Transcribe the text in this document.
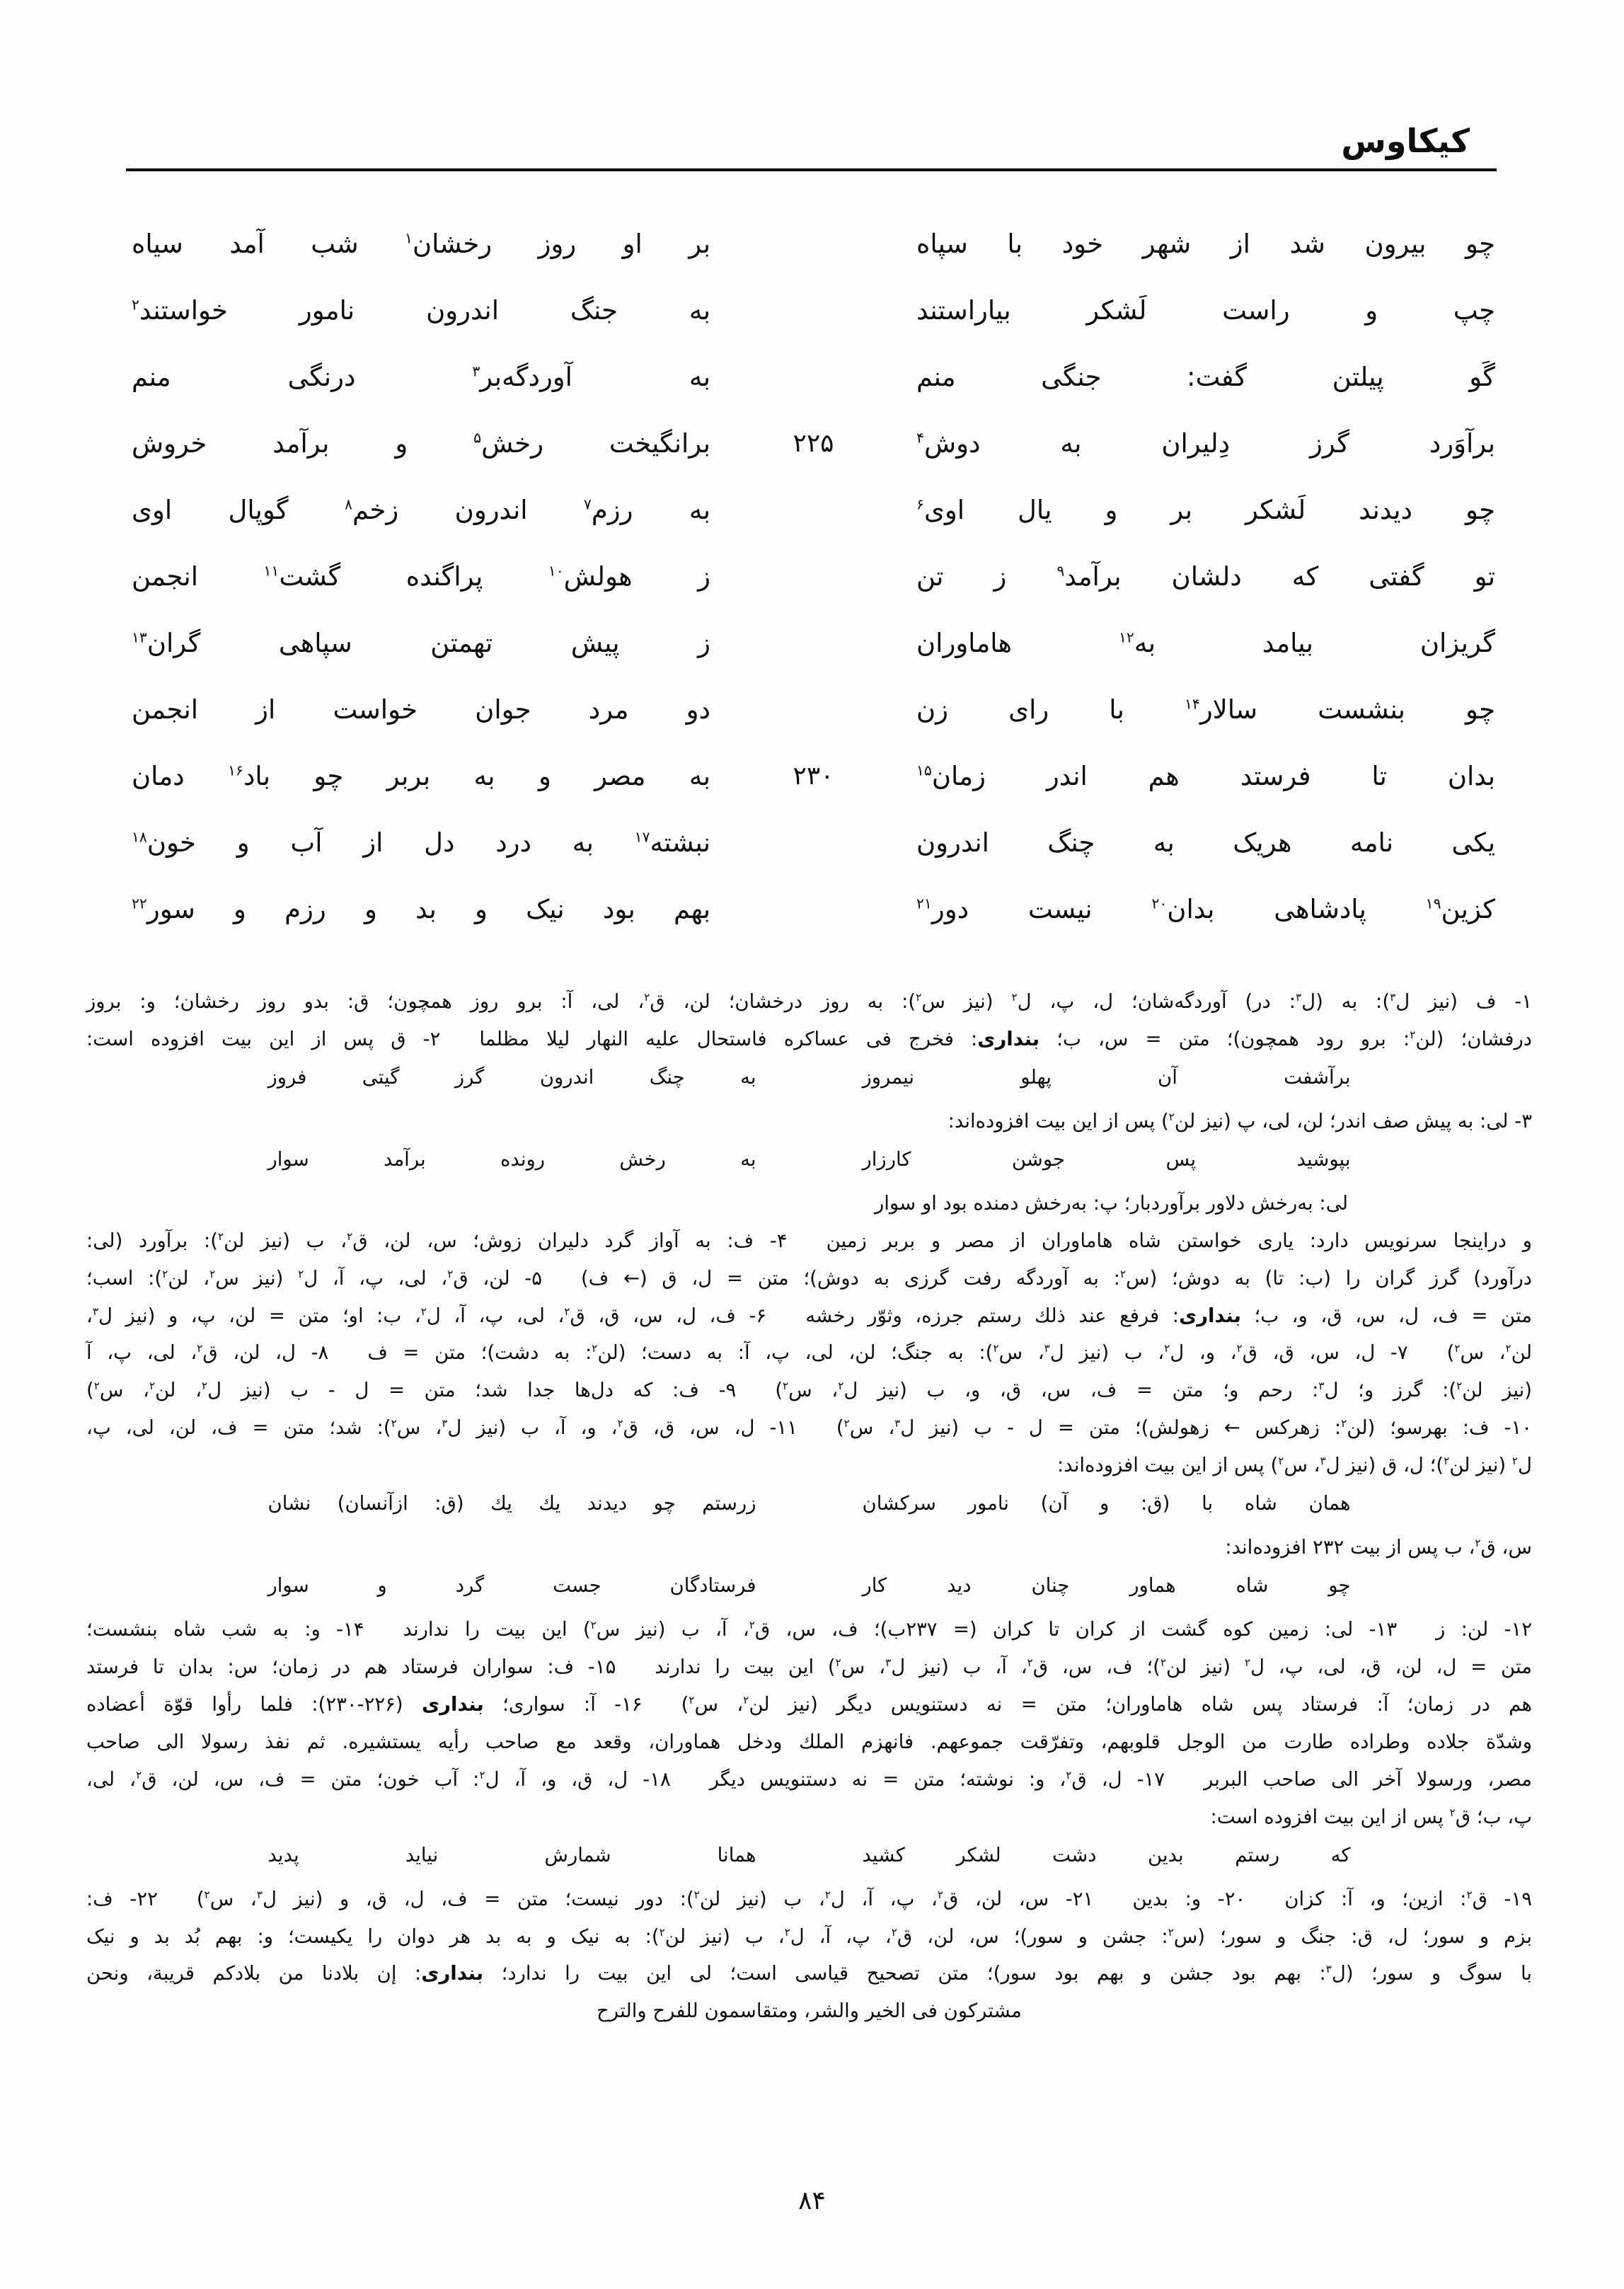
کیکاوس
چو بیرون شد از شهر خود با سپاه
بر او روز رخشان$^۱$ شب آمد سیاه
چپ و راست لَشکر بیاراستند
به جنگ اندرون نامور خواستند$^۲$
گَو پیلتن گفت: جنگی منم
به آوردگه‌بر$^۳$ درنگی منم
برآوَرد گرز دِلیران به دوش$^۴$
۲۲۵
برانگیخت رخش$^۵$ و برآمد خروش
چو دیدند لَشکر بر و یال اوی$^۶$
به رزم$^۷$ اندرون زخم$^۸$ گوپال اوی
تو گفتی که دلشان برآمد$^۹$ ز تن
ز هولش$^{۱۰}$ پراگنده گشت$^{۱۱}$ انجمن
گریزان بیامد به$^{۱۲}$ هاماوران
ز پیش تهمتن سپاهی گران$^{۱۳}$
چو بنشست سالار$^{۱۴}$ با رای زن
دو مرد جوان خواست از انجمن
بدان تا فرستد هم اندر زمان$^{۱۵}$
۲۳۰
به مصر و به بربر چو باد$^{۱۶}$ دمان
یکی نامه هریک به چنگ اندرون
نبشته$^{۱۷}$ به درد دل از آب و خون$^{۱۸}$
کزین$^{۱۹}$ پادشاهی بدان$^{۲۰}$ نیست دور$^{۲۱}$
بهم بود نیک و بد و رزم و سور$^{۲۲}$
۱- ف (نیز ل$^۳$): به (ل$^۳$: در) آوردگه‌شان؛ ل، پ، ل$^۲$ (نیز س$^۲$): به روز درخشان؛ لن، ق$^۲$، لی، آ: برو روز همچون؛ ق: بدو روز رخشان؛ و: بروز
درفشان؛ (لن$^۲$: برو رود همچون)؛ متن = س، ب؛ بنداری: فخرج فی عساکره فاستحال علیه النهار لیلا مظلما  ۲- ق پس از این بیت افزوده است:
برآشفت آن پهلو نیمروز
به چنگ اندرون گرز گیتی فروز
۳- لی: به پیش صف اندر؛ لن، لی، پ (نیز لن$^۲$) پس از این بیت افزوده‌اند:
بپوشید پس جوشن کارزار
به رخش رونده برآمد سوار
لی: به‌رخش دلاور برآوردبار؛ پ: به‌رخش دمنده بود او سوار
و دراینجا سرنویس دارد: یاری خواستن شاه هاماوران از مصر و بربر زمین  ۴- ف: به آواز گرد دلیران زوش؛ س، لن، ق$^۲$، ب (نیز لن$^۲$): برآورد (لی:
درآورد) گرز گران را (ب: تا) به دوش؛ (س$^۲$: به آوردگه رفت گرزی به دوش)؛ متن = ل، ق (← ف)  ۵- لن، ق$^۲$، لی، پ، آ، ل$^۲$ (نیز س$^۲$، لن$^۲$): اسب؛
متن = ف، ل، س، ق، و، ب؛ بنداری: فرفع عند ذلك رستم جرزه، وثوّر رخشه  ۶- ف، ل، س، ق، ق$^۲$، لی، پ، آ، ل$^۲$، ب: او؛ متن = لن، پ، و (نیز ل$^۳$،
لن$^۲$، س$^۲$)  ۷- ل، س، ق، ق$^۲$، و، ل$^۲$، ب (نیز ل$^۳$، س$^۲$): به جنگ؛ لن، لی، پ، آ: به دست؛ (لن$^۲$: به دشت)؛ متن = ف  ۸- ل، لن، ق$^۲$، لی، پ، آ
(نیز لن$^۲$): گرز و؛ ل$^۳$: رحم و؛ متن = ف، س، ق، و، ب (نیز ل$^۲$، س$^۲$)  ۹- ف: که دل‌ها جدا شد؛ متن = ل - ب (نیز ل$^۲$، لن$^۲$، س$^۲$)
۱۰- ف: بهرسو؛ (لن$^۲$: زهرکس ← زهولش)؛ متن = ل - ب (نیز ل$^۳$، س$^۲$)  ۱۱- ل، س، ق، ق$^۲$، و، آ، ب (نیز ل$^۳$، س$^۲$): شد؛ متن = ف، لن، لی، پ،
ل$^۲$ (نیز لن$^۲$)؛ ل، ق (نیز ل$^۳$، س$^۲$) پس از این بیت افزوده‌اند:
همان شاه با (ق: و آن) نامور سرکشان
زرستم چو دیدند یك یك (ق: ازآنسان) نشان
س، ق$^۲$، ب پس از بیت ۲۳۲ افزوده‌اند:
چو شاه هماور چنان دید کار
فرستادگان جست گرد و سوار
۱۲- لن: ز  ۱۳- لی: زمین کوه گشت از کران تا کران (= ۲۳۷ب)؛ ف، س، ق$^۲$، آ، ب (نیز س$^۲$) این بیت را ندارند  ۱۴- و: به شب شاه بنشست؛
متن = ل، لن، ق، لی، پ، ل$^۲$ (نیز لن$^۲$)؛ ف، س، ق$^۲$، آ، ب (نیز ل$^۳$، س$^۲$) این بیت را ندارند  ۱۵- ف: سواران فرستاد هم در زمان؛ س: بدان تا فرستد
هم در زمان؛ آ: فرستاد پس شاه هاماوران؛ متن = نه دستنویس دیگر (نیز لن$^۲$، س$^۲$)  ۱۶- آ: سواری؛ بنداری (۲۲۶-۲۳۰): فلما رأوا قوّة أعضاده
وشدّة جلاده وطراده طارت من الوجل قلوبهم، وتفرّقت جموعهم. فانهزم الملك ودخل هماوران، وقعد مع صاحب رأیه یستشیره. ثم نفذ رسولا الی صاحب
مصر، ورسولا آخر الی صاحب البربر  ۱۷- ل، ق$^۲$، و: نوشته؛ متن = نه دستنویس دیگر  ۱۸- ل، ق، و، آ، ل$^۲$: آب خون؛ متن = ف، س، لن، ق$^۲$، لی،
پ، ب؛ ق$^۲$ پس از این بیت افزوده است:
که رستم بدین دشت لشکر کشید
همانا شمارش نیاید پدید
۱۹- ق$^۲$: ازین؛ و، آ: کزان  ۲۰- و: بدین  ۲۱- س، لن، ق$^۲$، پ، آ، ل$^۲$، ب (نیز لن$^۲$): دور نیست؛ متن = ف، ل، ق، و (نیز ل$^۳$، س$^۲$)  ۲۲- ف:
بزم و سور؛ ل، ق: جنگ و سور؛ (س$^۲$: جشن و سور)؛ س، لن، ق$^۲$، پ، آ، ل$^۲$، ب (نیز لن$^۲$): به نیک و به بد هر دوان را یکیست؛ و: بهم بُد بد و نیک
با سوگ و سور؛ (ل$^۳$: بهم بود جشن و بهم بود سور)؛ متن تصحیح قیاسی است؛ لی این بیت را ندارد؛ بنداری: إن بلادنا من بلادکم قریبة، ونحن
مشترکون فی الخیر والشر، ومتقاسمون للفرح والترح
۸۴
